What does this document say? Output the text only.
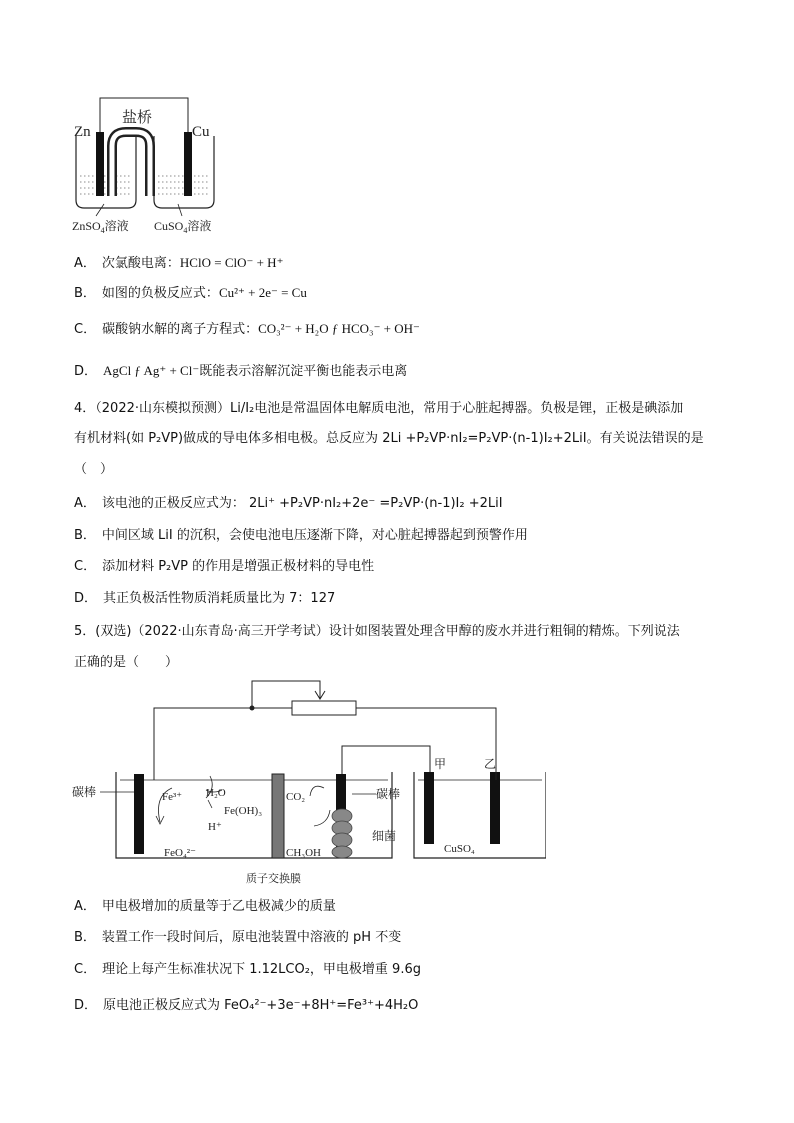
盐桥
Zn	Cu
ZnSO$_4$溶液 CuSO$_4$溶液
A． 次氯酸电离：HClO = ClO⁻ + H⁺
B． 如图的负极反应式：Cu²⁺ + 2e⁻ = Cu
C． 碳酸钠水解的离子方程式：CO₃²⁻ + H₂O ƒ HCO₃⁻ + OH⁻
D． AgCl ƒ Ag⁺ + Cl⁻既能表示溶解沉淀平衡也能表示电离
4．（2022·山东模拟预测）Li/I₂电池是常温固体电解质电池，常用于心脏起搏器。负极是锂，正极是碘添加
有机材料(如 P₂VP)做成的导电体多相电极。总反应为 2Li +P₂VP·nI₂=P₂VP·(n-1)I₂+2LiI。有关说法错误的是
（　）
A． 该电池的正极反应式为： 2Li⁺ +P₂VP·nI₂+2e⁻ =P₂VP·(n-1)I₂ +2LiI
B． 中间区域 LiI 的沉积，会使电池电压逐渐下降，对心脏起搏器起到预警作用
C． 添加材料 P₂VP 的作用是增强正极材料的导电性
D． 其正负极活性物质消耗质量比为 7：127
5．(双选)（2022·山东青岛·高三开学考试）设计如图装置处理含甲醇的废水并进行粗铜的精炼。下列说法
正确的是（　　）
碳棒	Fe³⁺ H₂O
Fe(OH)₃
H⁺
FeO₄²⁻
CO₂
CH₃OH
碳棒
细菌
质子交换膜
甲	乙
CuSO₄
A． 甲电极增加的质量等于乙电极减少的质量
B． 装置工作一段时间后，原电池装置中溶液的 pH 不变
C． 理论上每产生标准状况下 1.12LCO₂，甲电极增重 9.6g
D． 原电池正极反应式为 FeO₄²⁻+3e⁻+8H⁺=Fe³⁺+4H₂O
